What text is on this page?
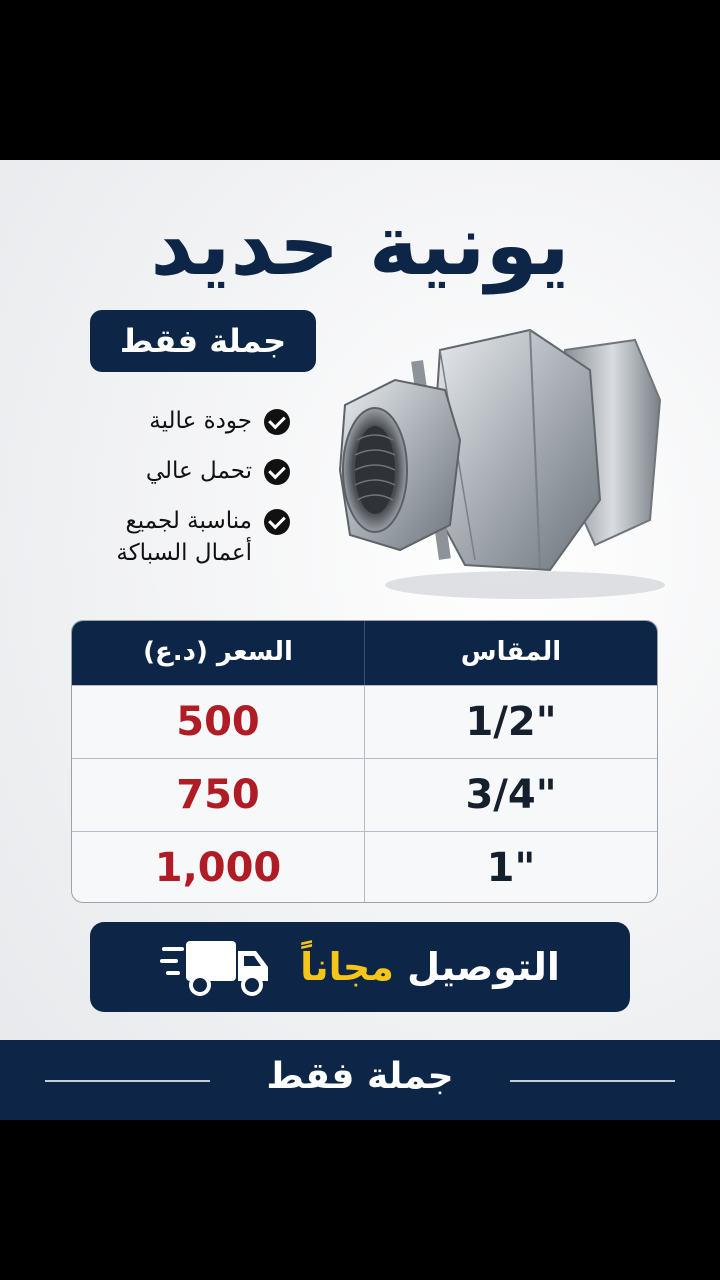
يونية حديد
جملة فقط
جودة عالية
تحمل عالي
مناسبة لجميع أعمال السباكة
السعر (د.ع)	المقاس
500	1/2"
750	3/4"
1,000	1"
التوصيل مجاناً
جملة فقط
